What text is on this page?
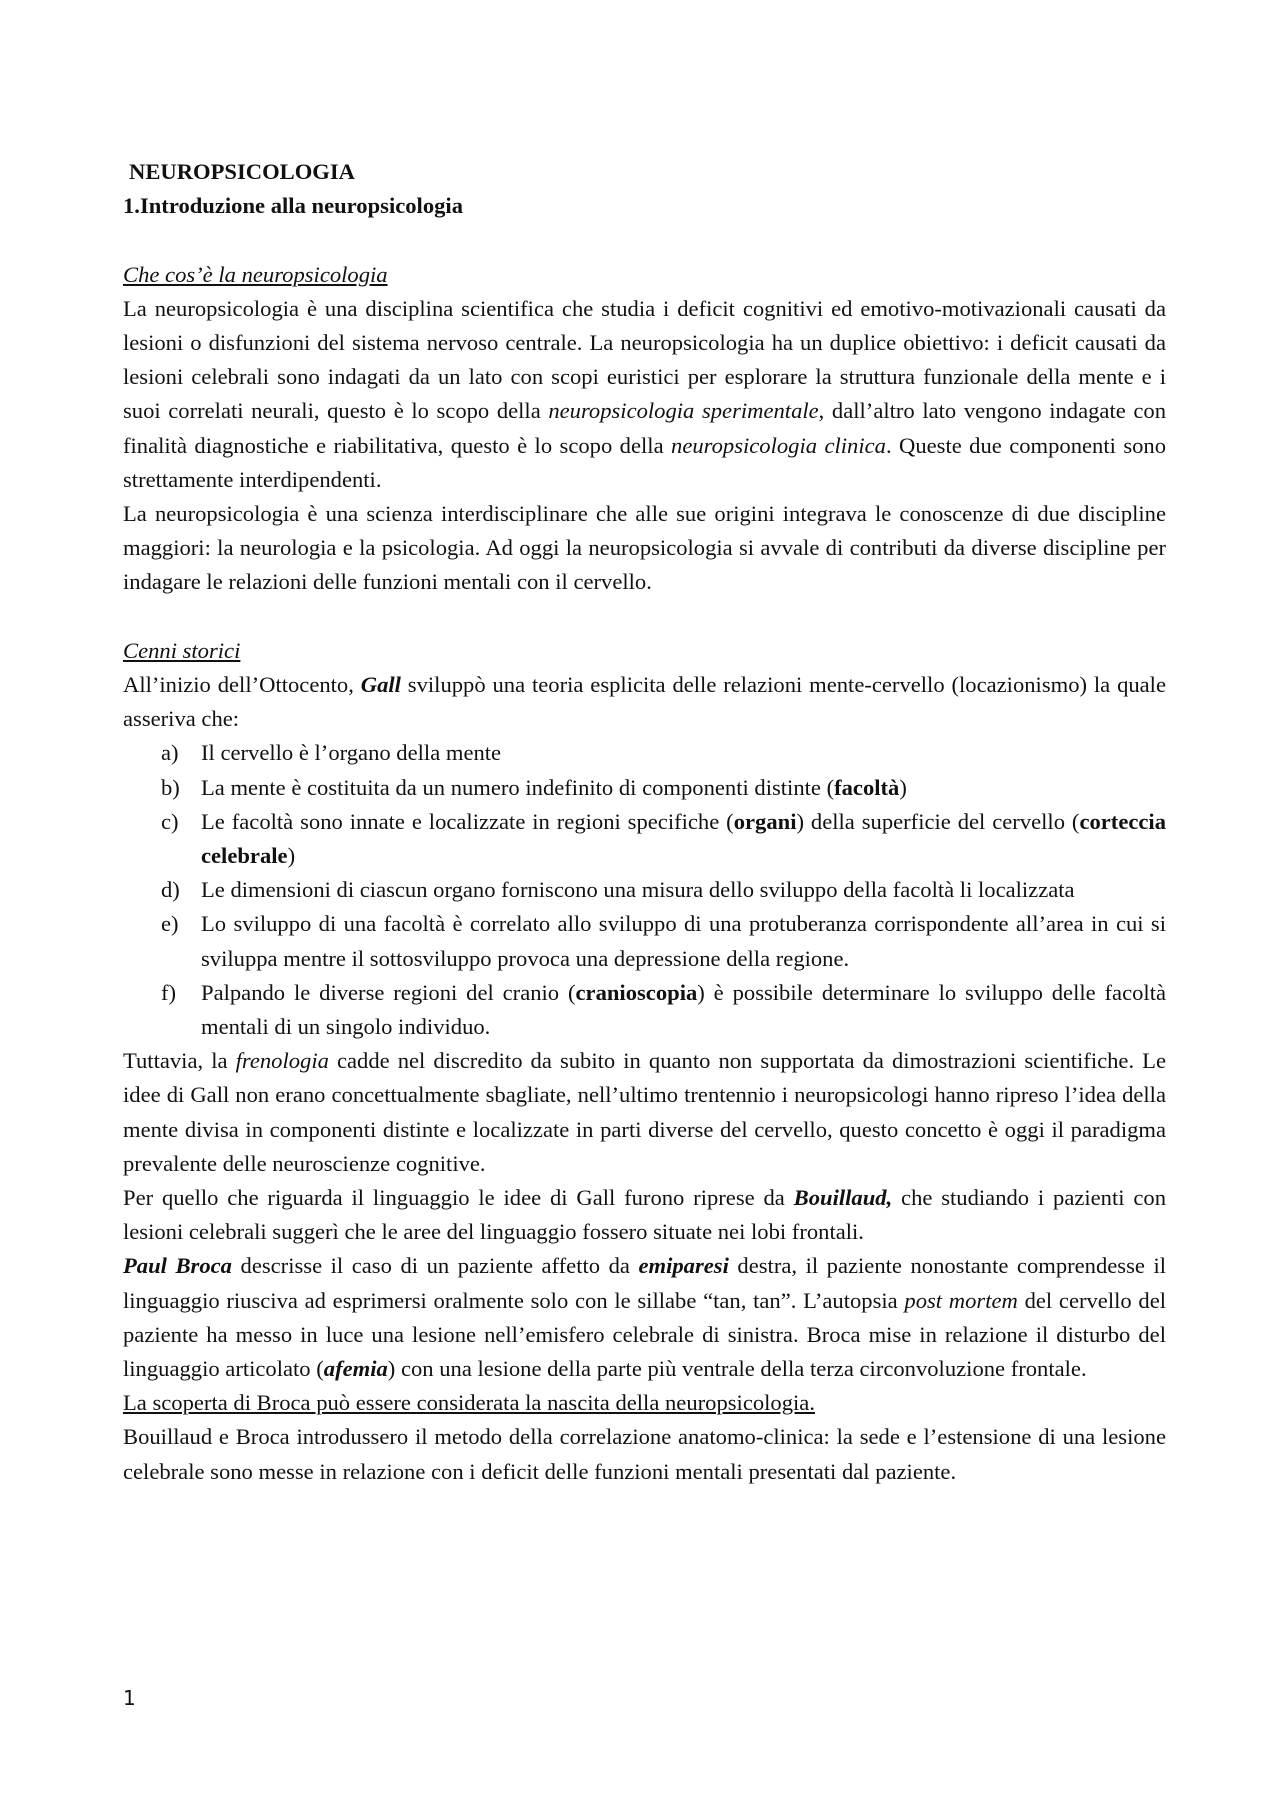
NEUROPSICOLOGIA

1.Introduzione alla neuropsicologia

Che cos’è la neuropsicologia

La neuropsicologia è una disciplina scientifica che studia i deficit cognitivi ed emotivo-motivazionali causati da lesioni o disfunzioni del sistema nervoso centrale. La neuropsicologia ha un duplice obiettivo: i deficit causati da lesioni celebrali sono indagati da un lato con scopi euristici per esplorare la struttura funzionale della mente e i suoi correlati neurali, questo è lo scopo della neuropsicologia sperimentale, dall’altro lato vengono indagate con finalità diagnostiche e riabilitativa, questo è lo scopo della neuropsicologia clinica. Queste due componenti sono strettamente interdipendenti.

La neuropsicologia è una scienza interdisciplinare che alle sue origini integrava le conoscenze di due discipline maggiori: la neurologia e la psicologia. Ad oggi la neuropsicologia si avvale di contributi da diverse discipline per indagare le relazioni delle funzioni mentali con il cervello.

Cenni storici

All’inizio dell’Ottocento, Gall sviluppò una teoria esplicita delle relazioni mente-cervello (locazionismo) la quale asseriva che:

a) Il cervello è l’organo della mente
b) La mente è costituita da un numero indefinito di componenti distinte (facoltà)
c) Le facoltà sono innate e localizzate in regioni specifiche (organi) della superficie del cervello (corteccia celebrale)
d) Le dimensioni di ciascun organo forniscono una misura dello sviluppo della facoltà li localizzata
e) Lo sviluppo di una facoltà è correlato allo sviluppo di una protuberanza corrispondente all’area in cui si sviluppa mentre il sottosviluppo provoca una depressione della regione.
f) Palpando le diverse regioni del cranio (cranioscopia) è possibile determinare lo sviluppo delle facoltà mentali di un singolo individuo.

Tuttavia, la frenologia cadde nel discredito da subito in quanto non supportata da dimostrazioni scientifiche. Le idee di Gall non erano concettualmente sbagliate, nell’ultimo trentennio i neuropsicologi hanno ripreso l’idea della mente divisa in componenti distinte e localizzate in parti diverse del cervello, questo concetto è oggi il paradigma prevalente delle neuroscienze cognitive.

Per quello che riguarda il linguaggio le idee di Gall furono riprese da Bouillaud, che studiando i pazienti con lesioni celebrali suggerì che le aree del linguaggio fossero situate nei lobi frontali.

Paul Broca descrisse il caso di un paziente affetto da emiparesi destra, il paziente nonostante comprendesse il linguaggio riusciva ad esprimersi oralmente solo con le sillabe “tan, tan”. L’autopsia post mortem del cervello del paziente ha messo in luce una lesione nell’emisfero celebrale di sinistra. Broca mise in relazione il disturbo del linguaggio articolato (afemia) con una lesione della parte più ventrale della terza circonvoluzione frontale.

La scoperta di Broca può essere considerata la nascita della neuropsicologia.

Bouillaud e Broca introdussero il metodo della correlazione anatomo-clinica: la sede e l’estensione di una lesione celebrale sono messe in relazione con i deficit delle funzioni mentali presentati dal paziente.

1
